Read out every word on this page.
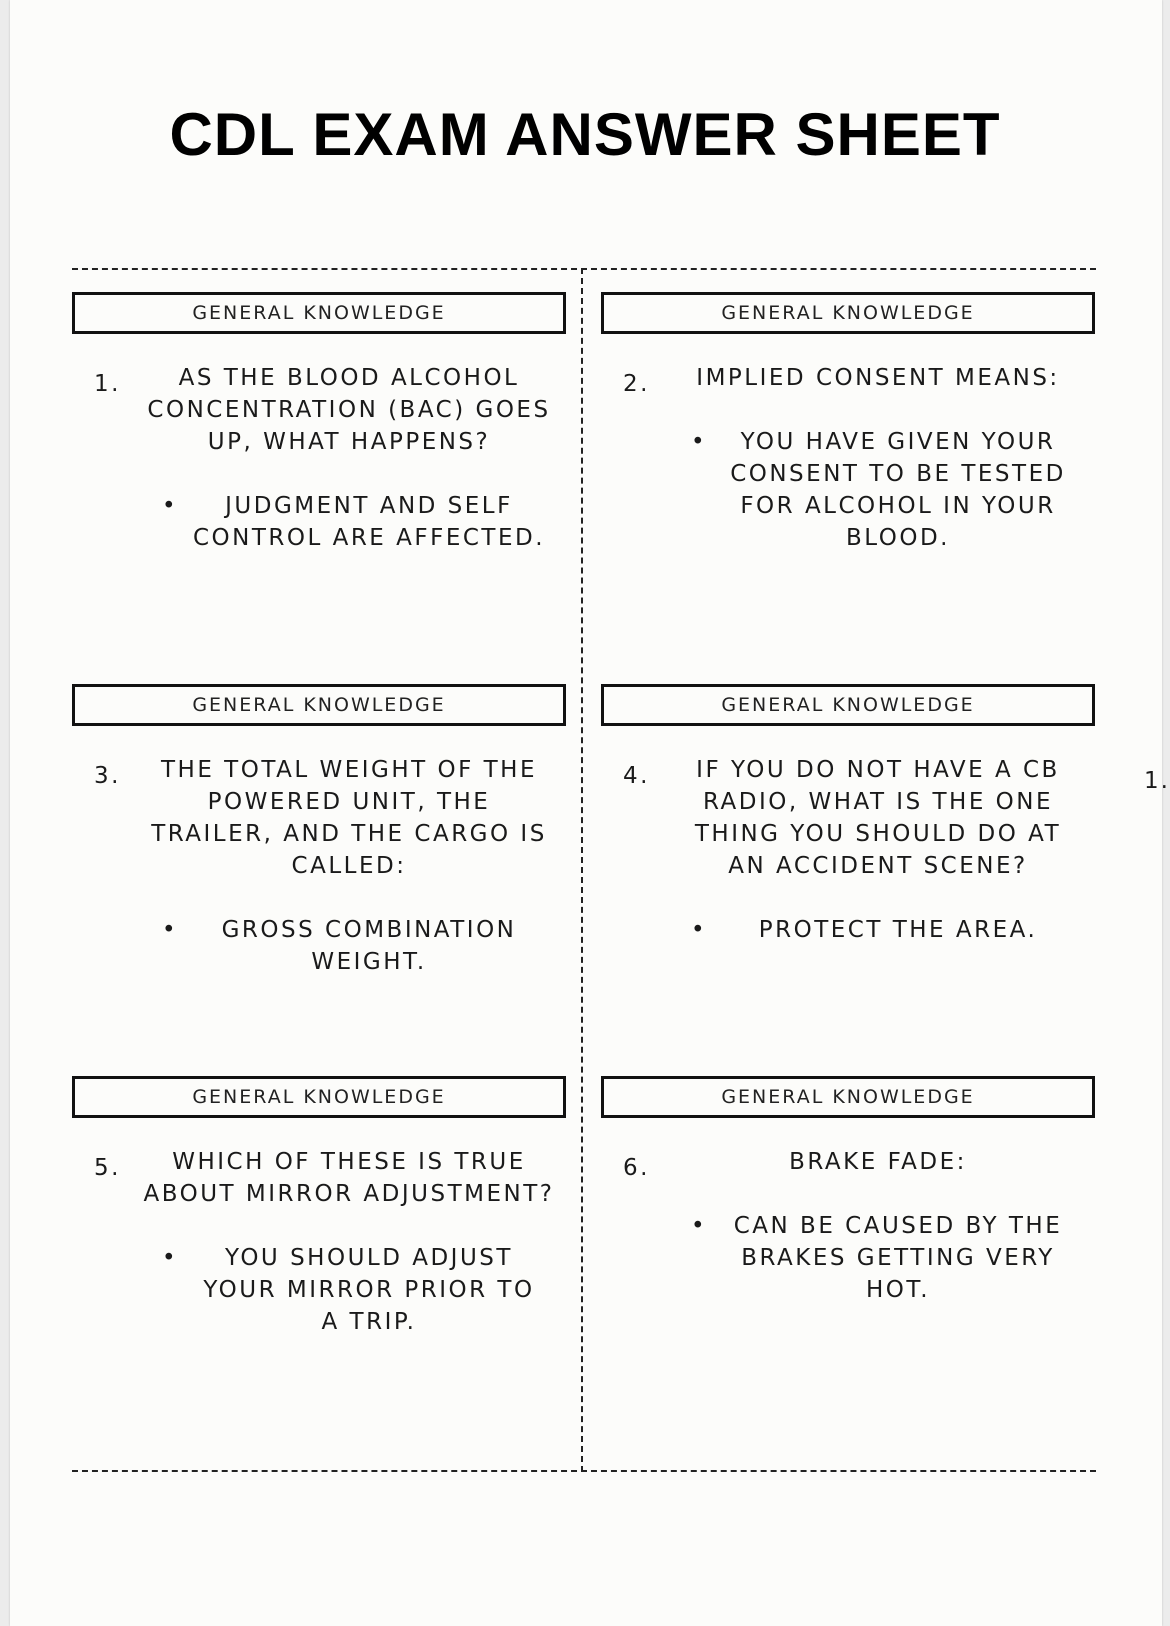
CDL EXAM ANSWER SHEET
GENERAL KNOWLEDGE
1.	AS THE BLOOD ALCOHOL CONCENTRATION (BAC) GOES UP, WHAT HAPPENS?
•	JUDGMENT AND SELF CONTROL ARE AFFECTED.
GENERAL KNOWLEDGE
2.	IMPLIED CONSENT MEANS:
•	YOU HAVE GIVEN YOUR CONSENT TO BE TESTED FOR ALCOHOL IN YOUR BLOOD.
GENERAL KNOWLEDGE
3.	THE TOTAL WEIGHT OF THE POWERED UNIT, THE TRAILER, AND THE CARGO IS CALLED:
•	GROSS COMBINATION WEIGHT.
GENERAL KNOWLEDGE
4.	IF YOU DO NOT HAVE A CB RADIO, WHAT IS THE ONE THING YOU SHOULD DO AT AN ACCIDENT SCENE?
•	PROTECT THE AREA.
GENERAL KNOWLEDGE
5.	WHICH OF THESE IS TRUE ABOUT MIRROR ADJUSTMENT?
•	YOU SHOULD ADJUST YOUR MIRROR PRIOR TO A TRIP.
GENERAL KNOWLEDGE
6.	BRAKE FADE:
•	CAN BE CAUSED BY THE BRAKES GETTING VERY HOT.
1.
